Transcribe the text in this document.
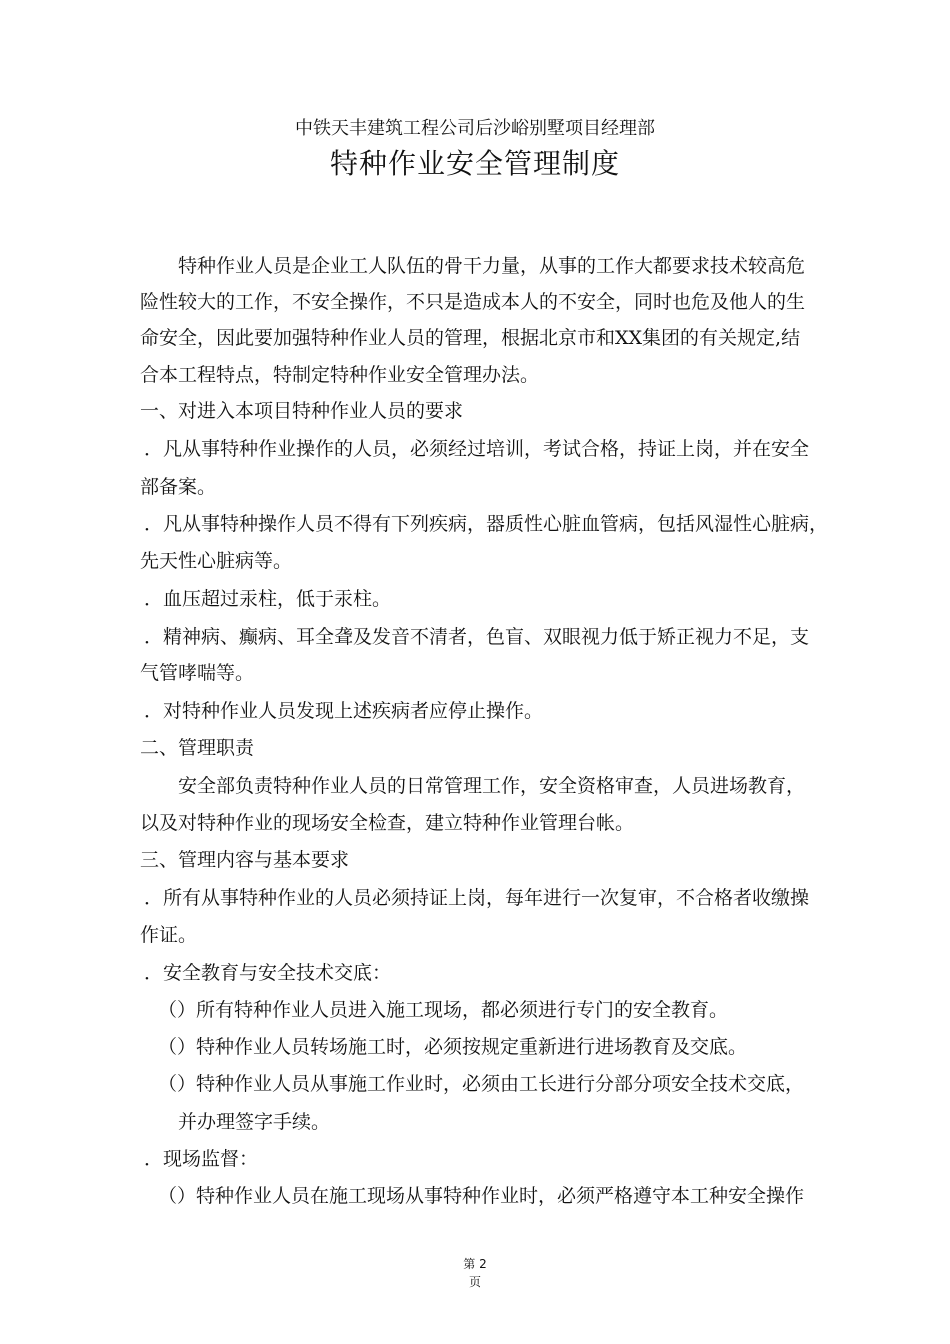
中铁天丰建筑工程公司后沙峪别墅项目经理部
特种作业安全管理制度
特种作业人员是企业工人队伍的骨干力量，从事的工作大都要求技术较高危
险性较大的工作，不安全操作，不只是造成本人的不安全，同时也危及他人的生
命安全，因此要加强特种作业人员的管理，根据北京市和XX集团的有关规定,结
合本工程特点，特制定特种作业安全管理办法。
一、对进入本项目特种作业人员的要求
．凡从事特种作业操作的人员，必须经过培训，考试合格，持证上岗，并在安全
部备案。
．凡从事特种操作人员不得有下列疾病，器质性心脏血管病，包括风湿性心脏病，
先天性心脏病等。
．血压超过汞柱，低于汞柱。
．精神病、癫病、耳全聋及发音不清者，色盲、双眼视力低于矫正视力不足，支
气管哮喘等。
．对特种作业人员发现上述疾病者应停止操作。
二、管理职责
安全部负责特种作业人员的日常管理工作，安全资格审查，人员进场教育，
以及对特种作业的现场安全检查，建立特种作业管理台帐。
三、管理内容与基本要求
．所有从事特种作业的人员必须持证上岗，每年进行一次复审，不合格者收缴操
作证。
．安全教育与安全技术交底：
（）所有特种作业人员进入施工现场，都必须进行专门的安全教育。
（）特种作业人员转场施工时，必须按规定重新进行进场教育及交底。
（）特种作业人员从事施工作业时，必须由工长进行分部分项安全技术交底，
并办理签字手续。
．现场监督：
（）特种作业人员在施工现场从事特种作业时，必须严格遵守本工种安全操作
第 2
页
